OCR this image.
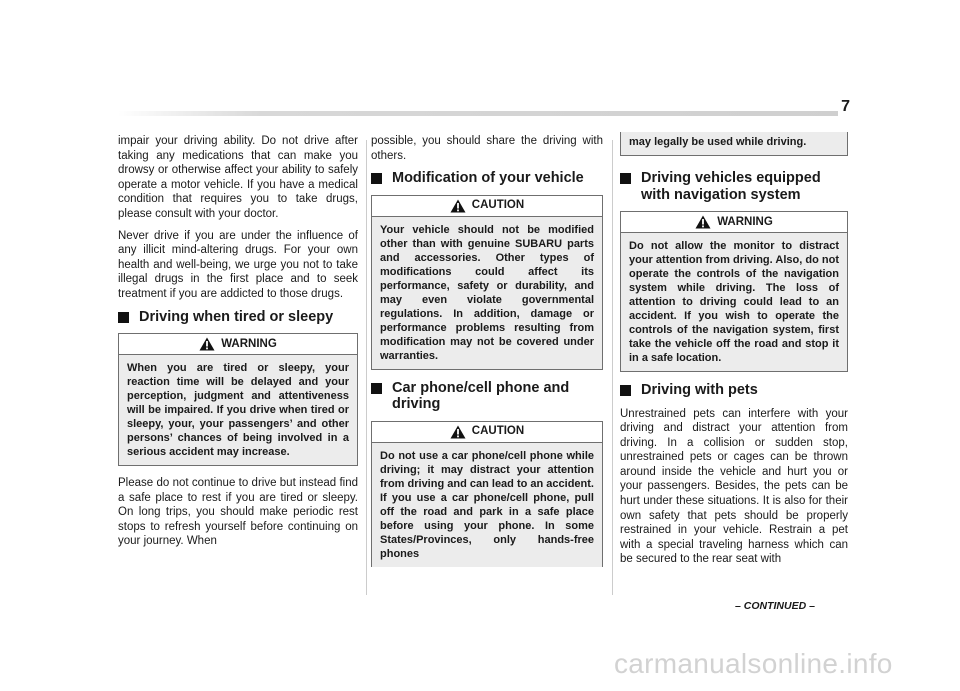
7

impair your driving ability. Do not drive after taking any medications that can make you drowsy or otherwise affect your ability to safely operate a motor vehicle. If you have a medical condition that requires you to take drugs, please consult with your doctor.

Never drive if you are under the influence of any illicit mind-altering drugs. For your own health and well-being, we urge you not to take illegal drugs in the first place and to seek treatment if you are addicted to those drugs.

Driving when tired or sleepy
WARNING
When you are tired or sleepy, your reaction time will be delayed and your perception, judgment and attentiveness will be impaired. If you drive when tired or sleepy, your, your passengers’ and other persons’ chances of being involved in a serious accident may increase.

Please do not continue to drive but instead find a safe place to rest if you are tired or sleepy. On long trips, you should make periodic rest stops to refresh yourself before continuing on your journey. When

possible, you should share the driving with others.

Modification of your vehicle
CAUTION
Your vehicle should not be modified other than with genuine SUBARU parts and accessories. Other types of modifications could affect its performance, safety or durability, and may even violate governmental regulations. In addition, damage or performance problems resulting from modification may not be covered under warranties.
Car phone/cell phone and driving
CAUTION
Do not use a car phone/cell phone while driving; it may distract your attention from driving and can lead to an accident. If you use a car phone/cell phone, pull off the road and park in a safe place before using your phone. In some States/Provinces, only hands-free phones
may legally be used while driving.
Driving vehicles equipped with navigation system
WARNING
Do not allow the monitor to distract your attention from driving. Also, do not operate the controls of the navigation system while driving. The loss of attention to driving could lead to an accident. If you wish to operate the controls of the navigation system, first take the vehicle off the road and stop it in a safe location.
Driving with pets

Unrestrained pets can interfere with your driving and distract your attention from driving. In a collision or sudden stop, unrestrained pets or cages can be thrown around inside the vehicle and hurt you or your passengers. Besides, the pets can be hurt under these situations. It is also for their own safety that pets should be properly restrained in your vehicle. Restrain a pet with a special traveling harness which can be secured to the rear seat with

– CONTINUED –
carmanualsonline.info
